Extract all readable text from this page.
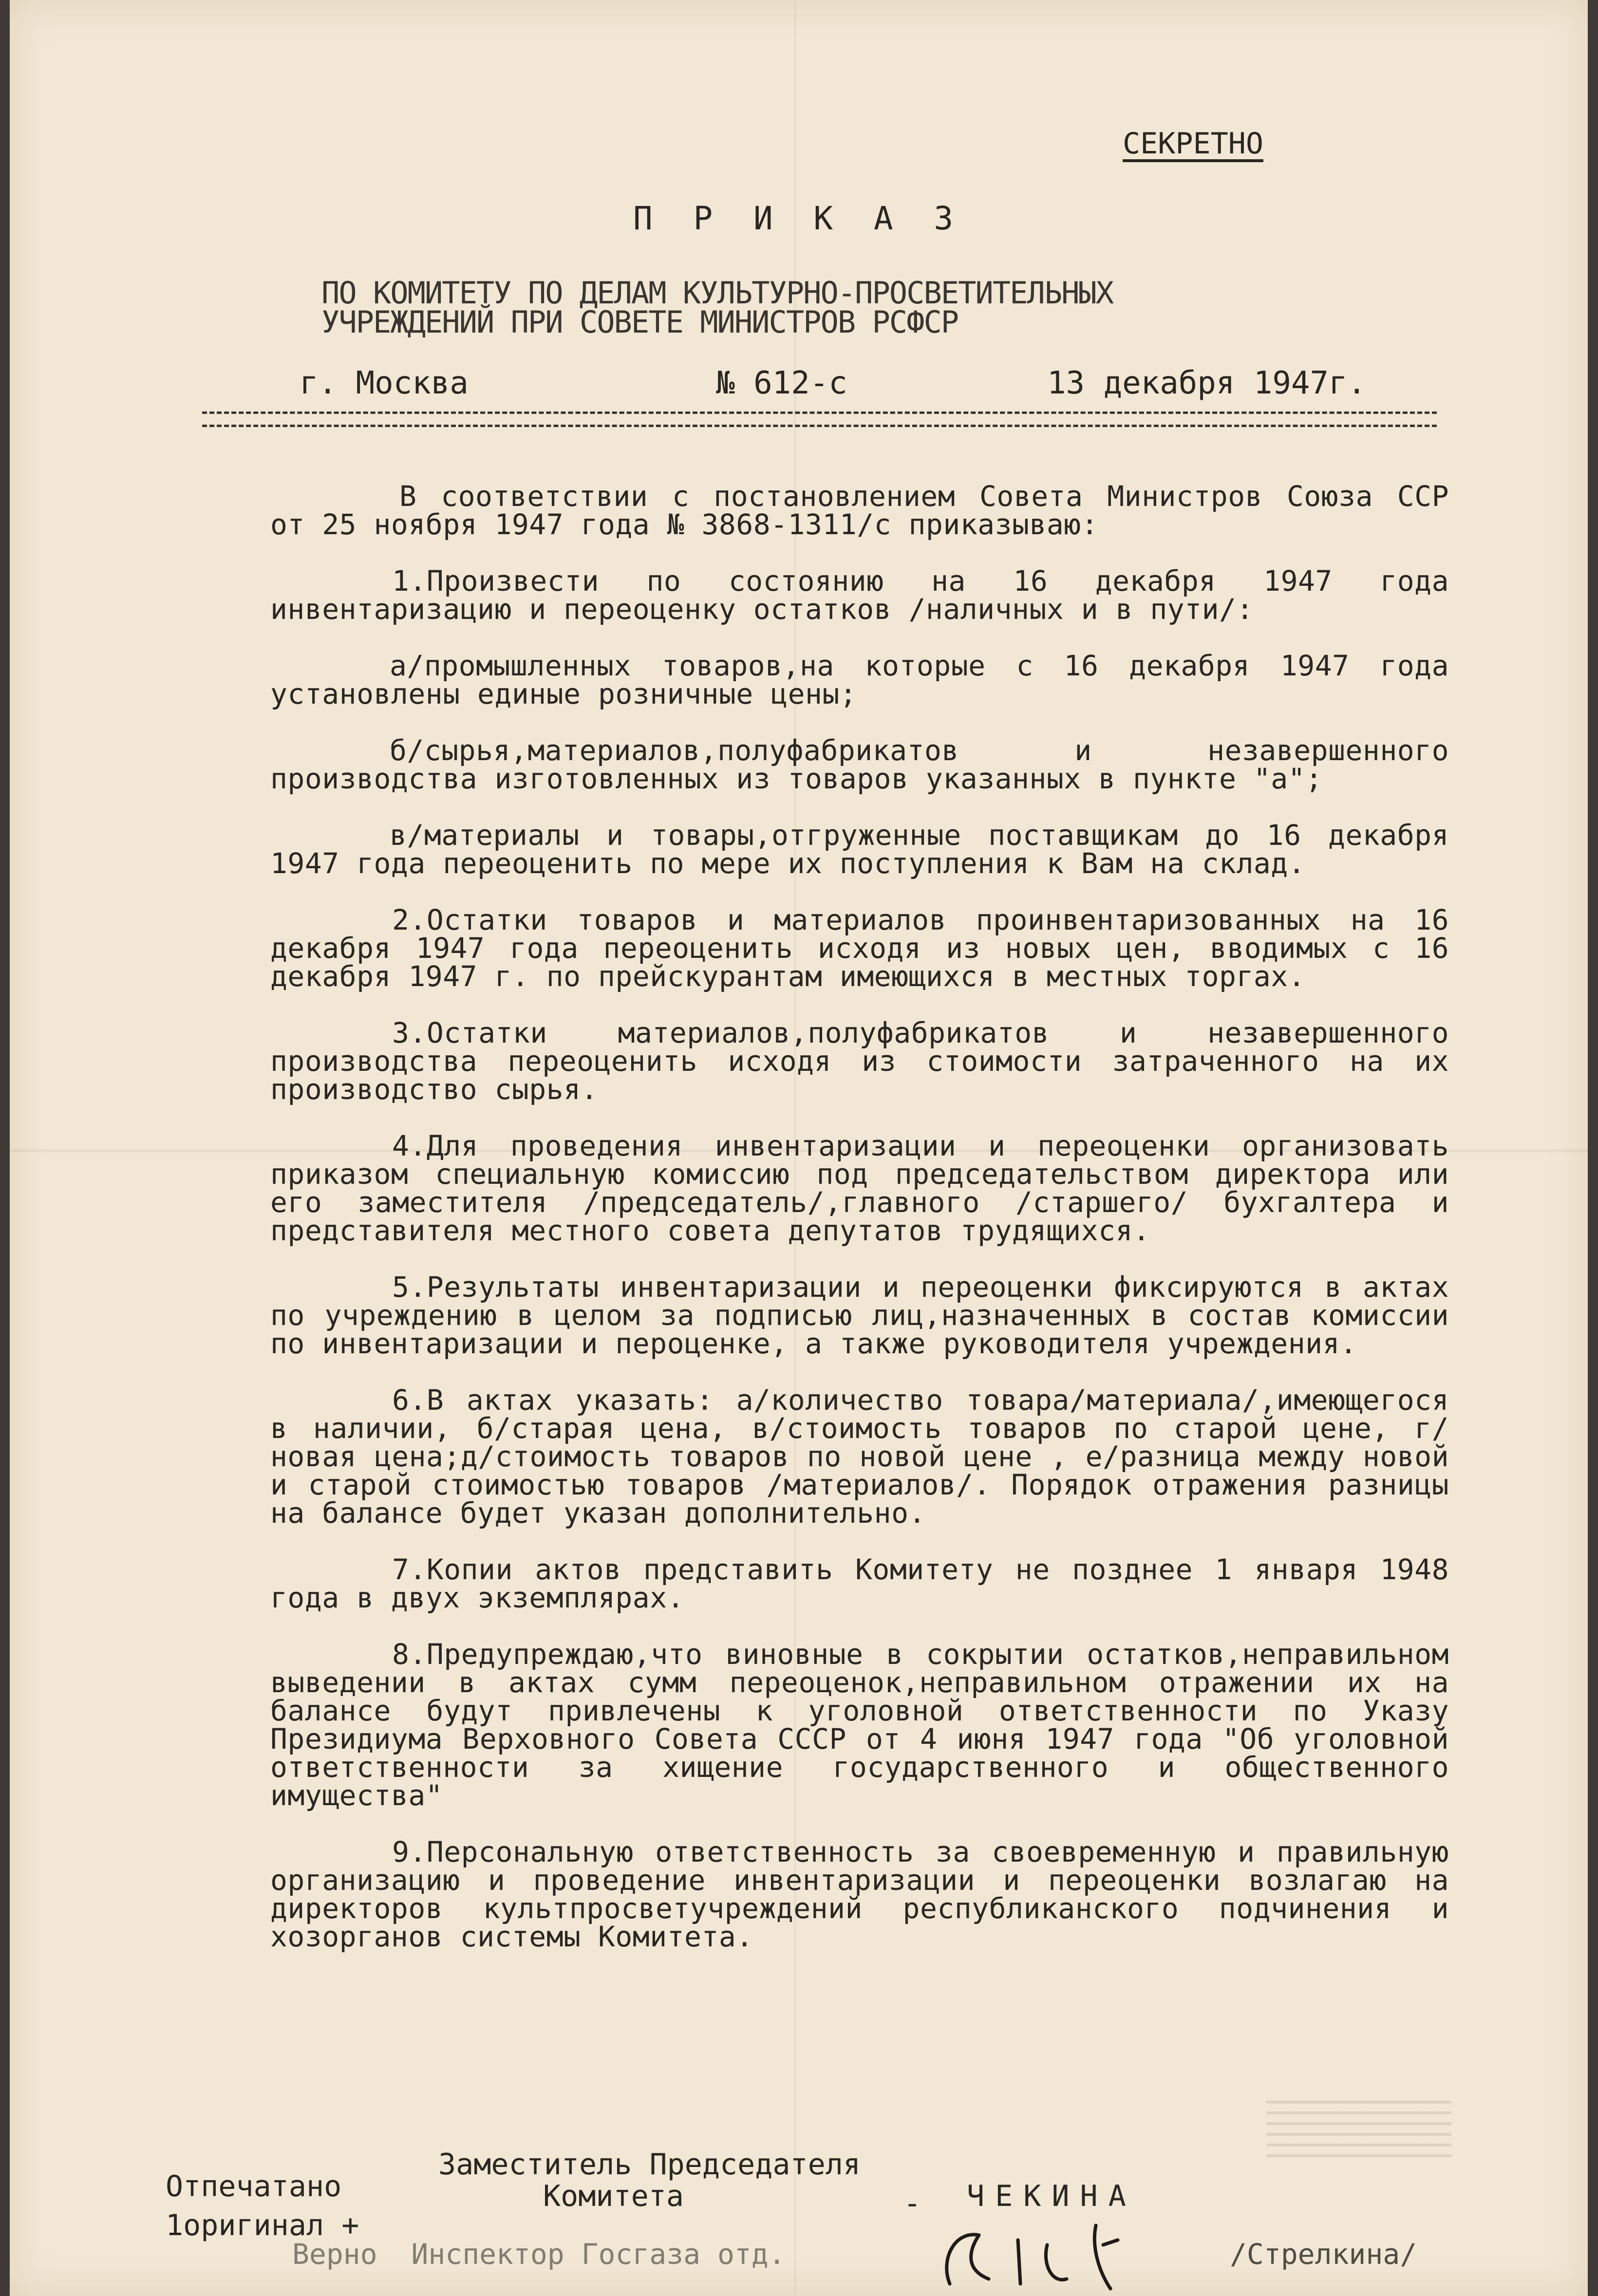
СЕКРЕТНО
П Р И К А З
ПО КОМИТЕТУ ПО ДЕЛАМ КУЛЬТУРНО-ПРОСВЕТИТЕЛЬНЫХ
УЧРЕЖДЕНИЙ ПРИ СОВЕТЕ МИНИСТРОВ РСФСР
г. Москва	№ 612-с	13 декабря 1947г.

В соответствии с постановлением Совета Министров Союза ССР от 25 ноября 1947 года № 3868-1311/с приказываю:

1.Произвести по состоянию на 16 декабря 1947 года инвентаризацию и переоценку остатков /наличных и в пути/:

а/промышленных товаров,на которые с 16 декабря 1947 года установлены единые розничные цены;

б/сырья,материалов,полуфабрикатов и незавершенного производства изготовленных из товаров указанных в пункте "а";

в/материалы и товары,отгруженные поставщикам до 16 декабря 1947 года переоценить по мере их поступления к Вам на склад.

2.Остатки товаров и материалов проинвентаризованных на 16 декабря 1947 года переоценить исходя из новых цен, вводимых с 16 декабря 1947 г. по прейскурантам имеющихся в местных торгах.

3.Остатки материалов,полуфабрикатов и незавершенного производства переоценить исходя из стоимости затраченного на их производство сырья.

4.Для проведения инвентаризации и переоценки организовать приказом специальную комиссию под председательством директора или его заместителя /председатель/,главного /старшего/ бухгалтера и представителя местного совета депутатов трудящихся.

5.Результаты инвентаризации и переоценки фиксируются в актах по учреждению в целом за подписью лиц,назначенных в состав комиссии по инвентаризации и пероценке, а также руководителя учреждения.

6.В актах указать: а/количество товара/материала/,имеющегося в наличии, б/старая цена, в/стоимость товаров по старой цене, г/новая цена;д/стоимость товаров по новой цене , е/разница между новой и старой стоимостью товаров /материалов/. Порядок отражения разницы на балансе будет указан дополнительно.

7.Копии актов представить Комитету не позднее 1 января 1948 года в двух экземплярах.

8.Предупреждаю,что виновные в сокрытии остатков,неправильном выведении в актах сумм переоценок,неправильном отражении их на балансе будут привлечены к уголовной ответственности по Указу Президиума Верховного Совета СССР от 4 июня 1947 года "Об уголовной ответственности за хищение государственного и общественного имущества"

9.Персональную ответственность за своевременную и правильную организацию и проведение инвентаризации и переоценки возлагаю на директоров культпросветучреждений республиканского подчинения и хозорганов системы Комитета.

Отпечатано
1оригинал +
Заместитель Председателя
Комитета	- ЧЕКИНА
Верно  Инспектор Госгаза отд.	/Стрелкина/
